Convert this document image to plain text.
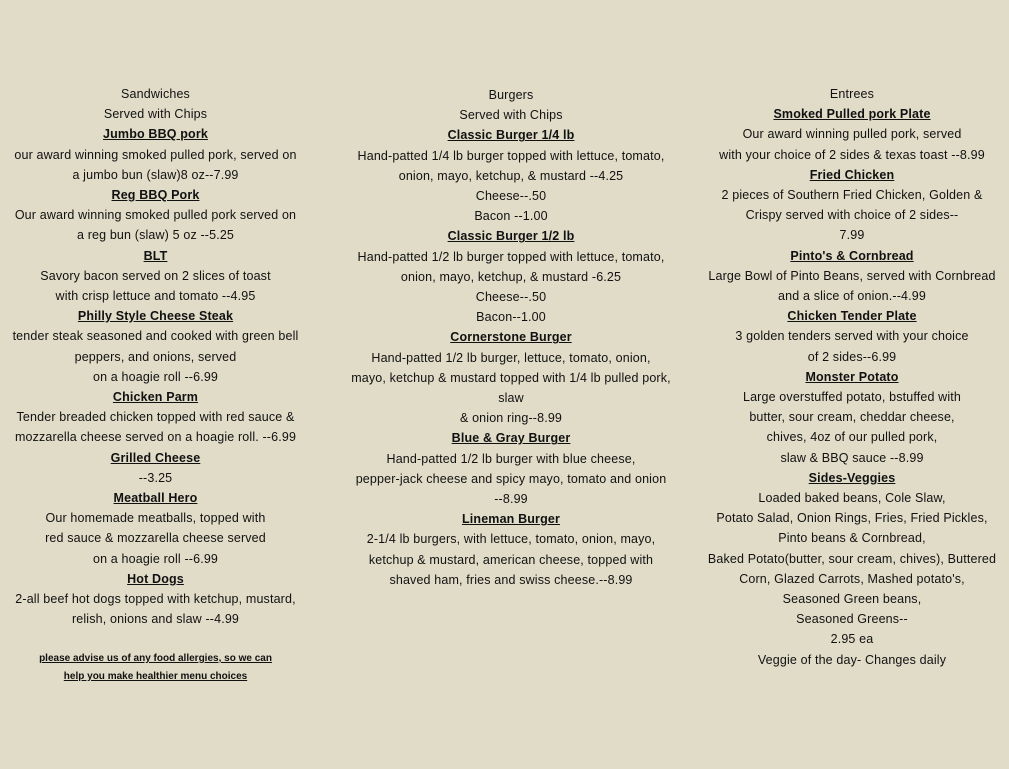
Sandwiches
Served with Chips
Jumbo BBQ pork
our award winning smoked pulled pork, served on
a jumbo bun (slaw)8 oz--7.99
Reg BBQ Pork
Our award winning smoked pulled pork served on
a reg bun (slaw) 5 oz --5.25
BLT
Savory bacon served on 2 slices of toast
with crisp lettuce and tomato --4.95
Philly Style Cheese Steak
tender steak seasoned and cooked with green bell
peppers, and onions, served
on a hoagie roll --6.99
Chicken Parm
Tender breaded chicken topped with red sauce &
mozzarella cheese served on a hoagie roll. --6.99
Grilled Cheese
--3.25
Meatball Hero
Our homemade meatballs, topped with
red sauce & mozzarella cheese served
on a hoagie roll --6.99
Hot Dogs
2-all beef hot dogs topped with ketchup, mustard,
relish, onions and slaw --4.99
Burgers
Served with Chips
Classic Burger 1/4 lb
Hand-patted 1/4 lb burger topped with lettuce, tomato,
onion, mayo, ketchup, & mustard --4.25
Cheese--.50
Bacon --1.00
Classic Burger 1/2 lb
Hand-patted 1/2 lb burger topped with lettuce, tomato,
onion, mayo, ketchup, & mustard -6.25
Cheese--.50
Bacon--1.00
Cornerstone Burger
Hand-patted 1/2 lb burger, lettuce, tomato, onion,
mayo, ketchup & mustard topped with 1/4 lb pulled pork,
slaw
& onion ring--8.99
Blue & Gray Burger
Hand-patted 1/2 lb burger with blue cheese,
pepper-jack cheese and spicy mayo, tomato and onion
--8.99
Lineman Burger
2-1/4 lb burgers, with lettuce, tomato, onion, mayo,
ketchup & mustard, american cheese, topped with
shaved ham, fries and swiss cheese.--8.99
Entrees
Smoked Pulled pork Plate
Our award winning pulled pork, served
with your choice of 2 sides & texas toast --8.99
Fried Chicken
2 pieces of Southern Fried Chicken, Golden &
Crispy served with choice of 2 sides--
7.99
Pinto's & Cornbread
Large Bowl of Pinto Beans, served with Cornbread
and a slice of onion.--4.99
Chicken Tender Plate
3 golden tenders served with your choice
of 2 sides--6.99
Monster Potato
Large overstuffed potato, bstuffed with
butter, sour cream, cheddar cheese,
chives, 4oz of our pulled pork,
slaw & BBQ sauce --8.99
Sides-Veggies
Loaded baked beans, Cole Slaw,
Potato Salad, Onion Rings, Fries, Fried Pickles,
Pinto beans & Cornbread,
Baked Potato(butter, sour cream, chives), Buttered
Corn, Glazed Carrots, Mashed potato's,
Seasoned Green beans,
Seasoned Greens--
2.95 ea
Veggie of the day- Changes daily
please advise us of any food allergies, so we can
help you make healthier menu choices
